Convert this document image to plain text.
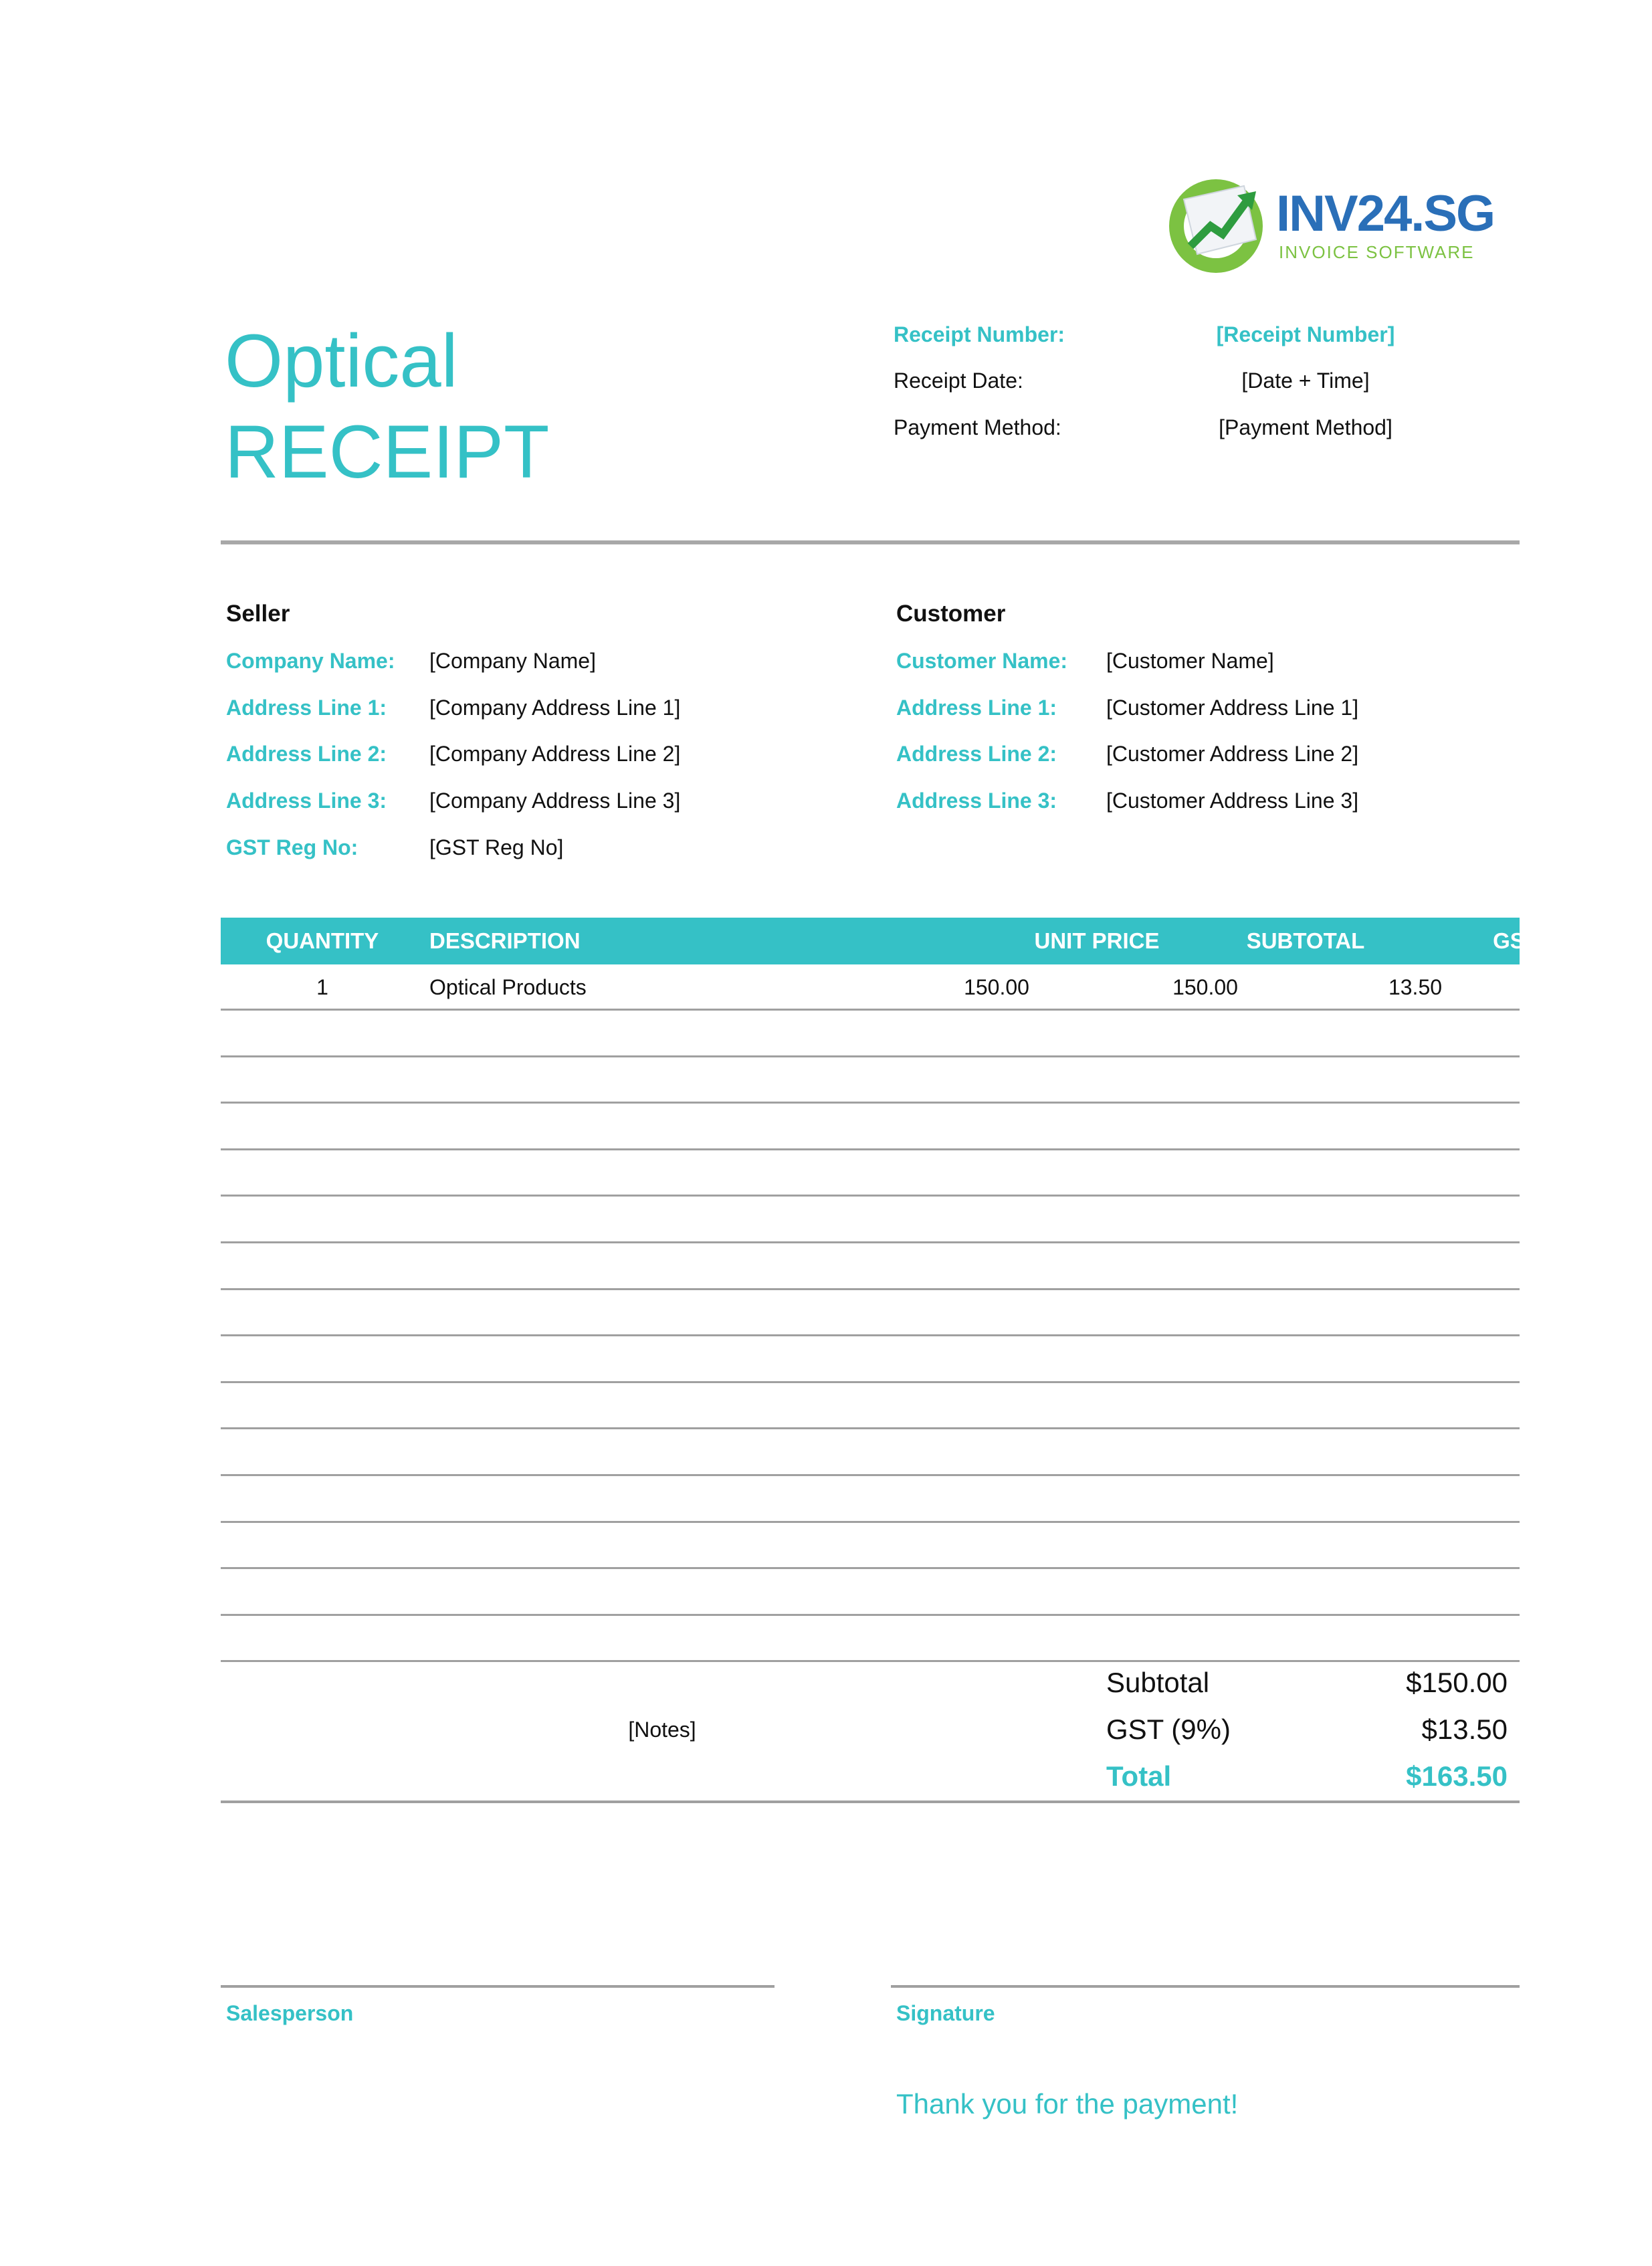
INV24.SG
INVOICE SOFTWARE
Optical
RECEIPT
Receipt Number:	[Receipt Number]
Receipt Date:	[Date + Time]
Payment Method:	[Payment Method]
Seller
Company Name: [Company Name]
Address Line 1: [Company Address Line 1]
Address Line 2: [Company Address Line 2]
Address Line 3: [Company Address Line 3]
GST Reg No:	[GST Reg No]
Customer
Customer Name: [Customer Name]
Address Line 1: [Customer Address Line 1]
Address Line 2: [Customer Address Line 2]
Address Line 3: [Customer Address Line 3]
QUANTITY	DESCRIPTION	UNIT PRICE	SUBTOTAL	GST
1	Optical Products	150.00	150.00	13.50
[Notes]
Subtotal	$150.00
GST (9%)	$13.50
Total	$163.50
Salesperson	Signature
Thank you for the payment!
